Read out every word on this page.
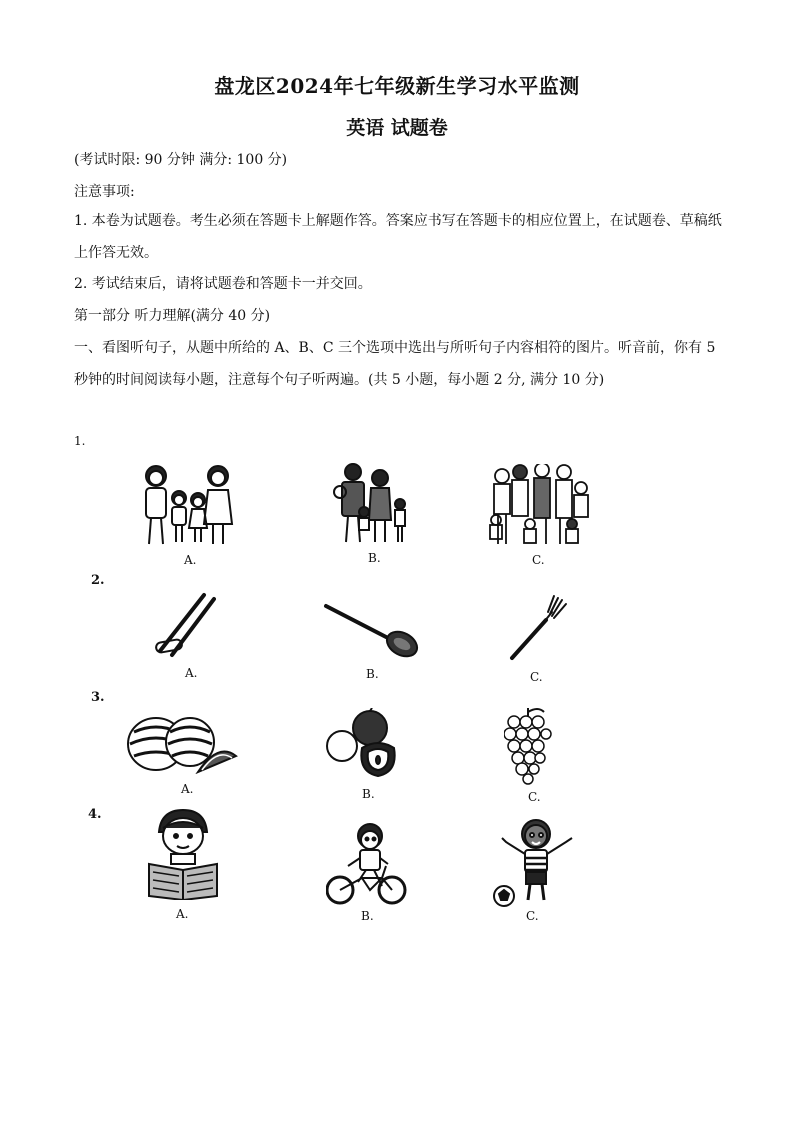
盘龙区2024年七年级新生学习水平监测
英语 试题卷
(考试时限: 90 分钟 满分: 100 分)
注意事项:
1. 本卷为试题卷。考生必须在答题卡上解题作答。答案应书写在答题卡的相应位置上，在试题卷、草稿纸上作答无效。
2. 考试结束后，请将试题卷和答题卡一并交回。
第一部分 听力理解(满分 40 分)
一、看图听句子，从题中所给的 A、B、C 三个选项中选出与所听句子内容相符的图片。听音前，你有 5 秒钟的时间阅读每小题，注意每个句子听两遍。(共 5 小题，每小题 2 分, 满分 10 分)
1.
A.	B.	C.
2.
A.	B.	C.
3.
A.	B.	C.
4.
A.	B.	C.
